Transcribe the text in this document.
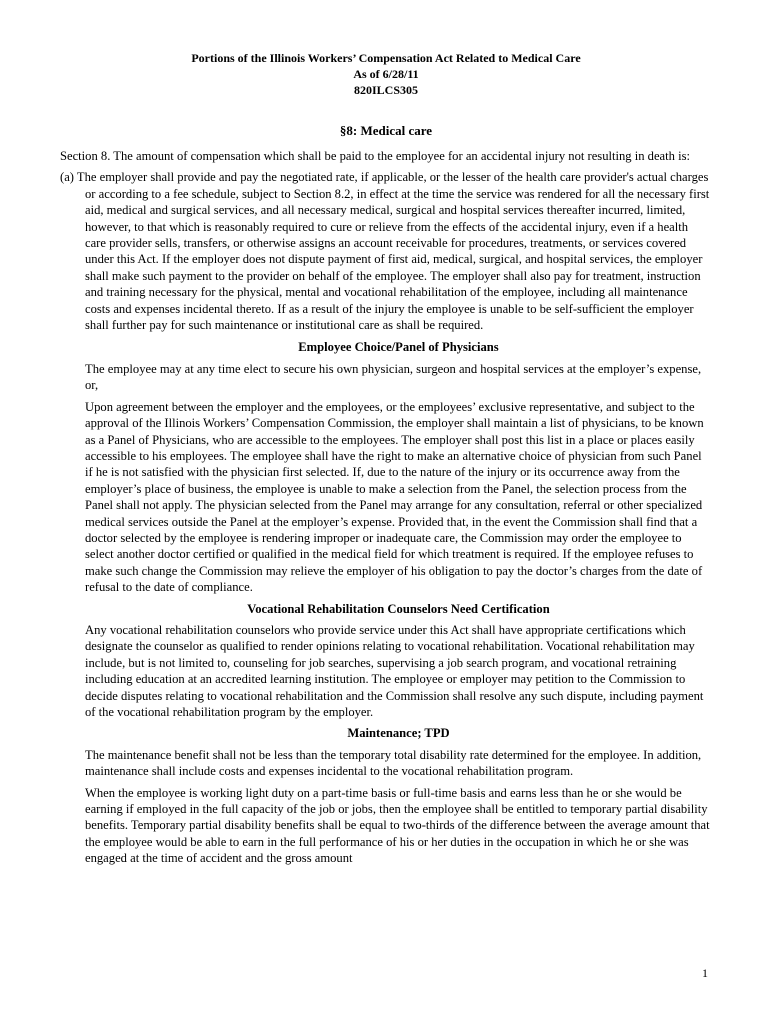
Portions of the Illinois Workers’ Compensation Act Related to Medical Care
As of 6/28/11
820ILCS305
§8: Medical care

Section 8. The amount of compensation which shall be paid to the employee for an accidental injury not resulting in death is:

(a) The employer shall provide and pay the negotiated rate, if applicable, or the lesser of the health care provider's actual charges or according to a fee schedule, subject to Section 8.2, in effect at the time the service was rendered for all the necessary first aid, medical and surgical services, and all necessary medical, surgical and hospital services thereafter incurred, limited, however, to that which is reasonably required to cure or relieve from the effects of the accidental injury, even if a health care provider sells, transfers, or otherwise assigns an account receivable for procedures, treatments, or services covered under this Act. If the employer does not dispute payment of first aid, medical, surgical, and hospital services, the employer shall make such payment to the provider on behalf of the employee. The employer shall also pay for treatment, instruction and training necessary for the physical, mental and vocational rehabilitation of the employee, including all maintenance costs and expenses incidental thereto. If as a result of the injury the employee is unable to be self-sufficient the employer shall further pay for such maintenance or institutional care as shall be required.

Employee Choice/Panel of Physicians

The employee may at any time elect to secure his own physician, surgeon and hospital services at the employer’s expense, or,

Upon agreement between the employer and the employees, or the employees’ exclusive representative, and subject to the approval of the Illinois Workers’ Compensation Commission, the employer shall maintain a list of physicians, to be known as a Panel of Physicians, who are accessible to the employees. The employer shall post this list in a place or places easily accessible to his employees. The employee shall have the right to make an alternative choice of physician from such Panel if he is not satisfied with the physician first selected. If, due to the nature of the injury or its occurrence away from the employer’s place of business, the employee is unable to make a selection from the Panel, the selection process from the Panel shall not apply. The physician selected from the Panel may arrange for any consultation, referral or other specialized medical services outside the Panel at the employer’s expense. Provided that, in the event the Commission shall find that a doctor selected by the employee is rendering improper or inadequate care, the Commission may order the employee to select another doctor certified or qualified in the medical field for which treatment is required. If the employee refuses to make such change the Commission may relieve the employer of his obligation to pay the doctor’s charges from the date of refusal to the date of compliance.

Vocational Rehabilitation Counselors Need Certification

Any vocational rehabilitation counselors who provide service under this Act shall have appropriate certifications which designate the counselor as qualified to render opinions relating to vocational rehabilitation. Vocational rehabilitation may include, but is not limited to, counseling for job searches, supervising a job search program, and vocational retraining including education at an accredited learning institution. The employee or employer may petition to the Commission to decide disputes relating to vocational rehabilitation and the Commission shall resolve any such dispute, including payment of the vocational rehabilitation program by the employer.

Maintenance; TPD

The maintenance benefit shall not be less than the temporary total disability rate determined for the employee. In addition, maintenance shall include costs and expenses incidental to the vocational rehabilitation program.

When the employee is working light duty on a part-time basis or full-time basis and earns less than he or she would be earning if employed in the full capacity of the job or jobs, then the employee shall be entitled to temporary partial disability benefits. Temporary partial disability benefits shall be equal to two-thirds of the difference between the average amount that the employee would be able to earn in the full performance of his or her duties in the occupation in which he or she was engaged at the time of accident and the gross amount

1
